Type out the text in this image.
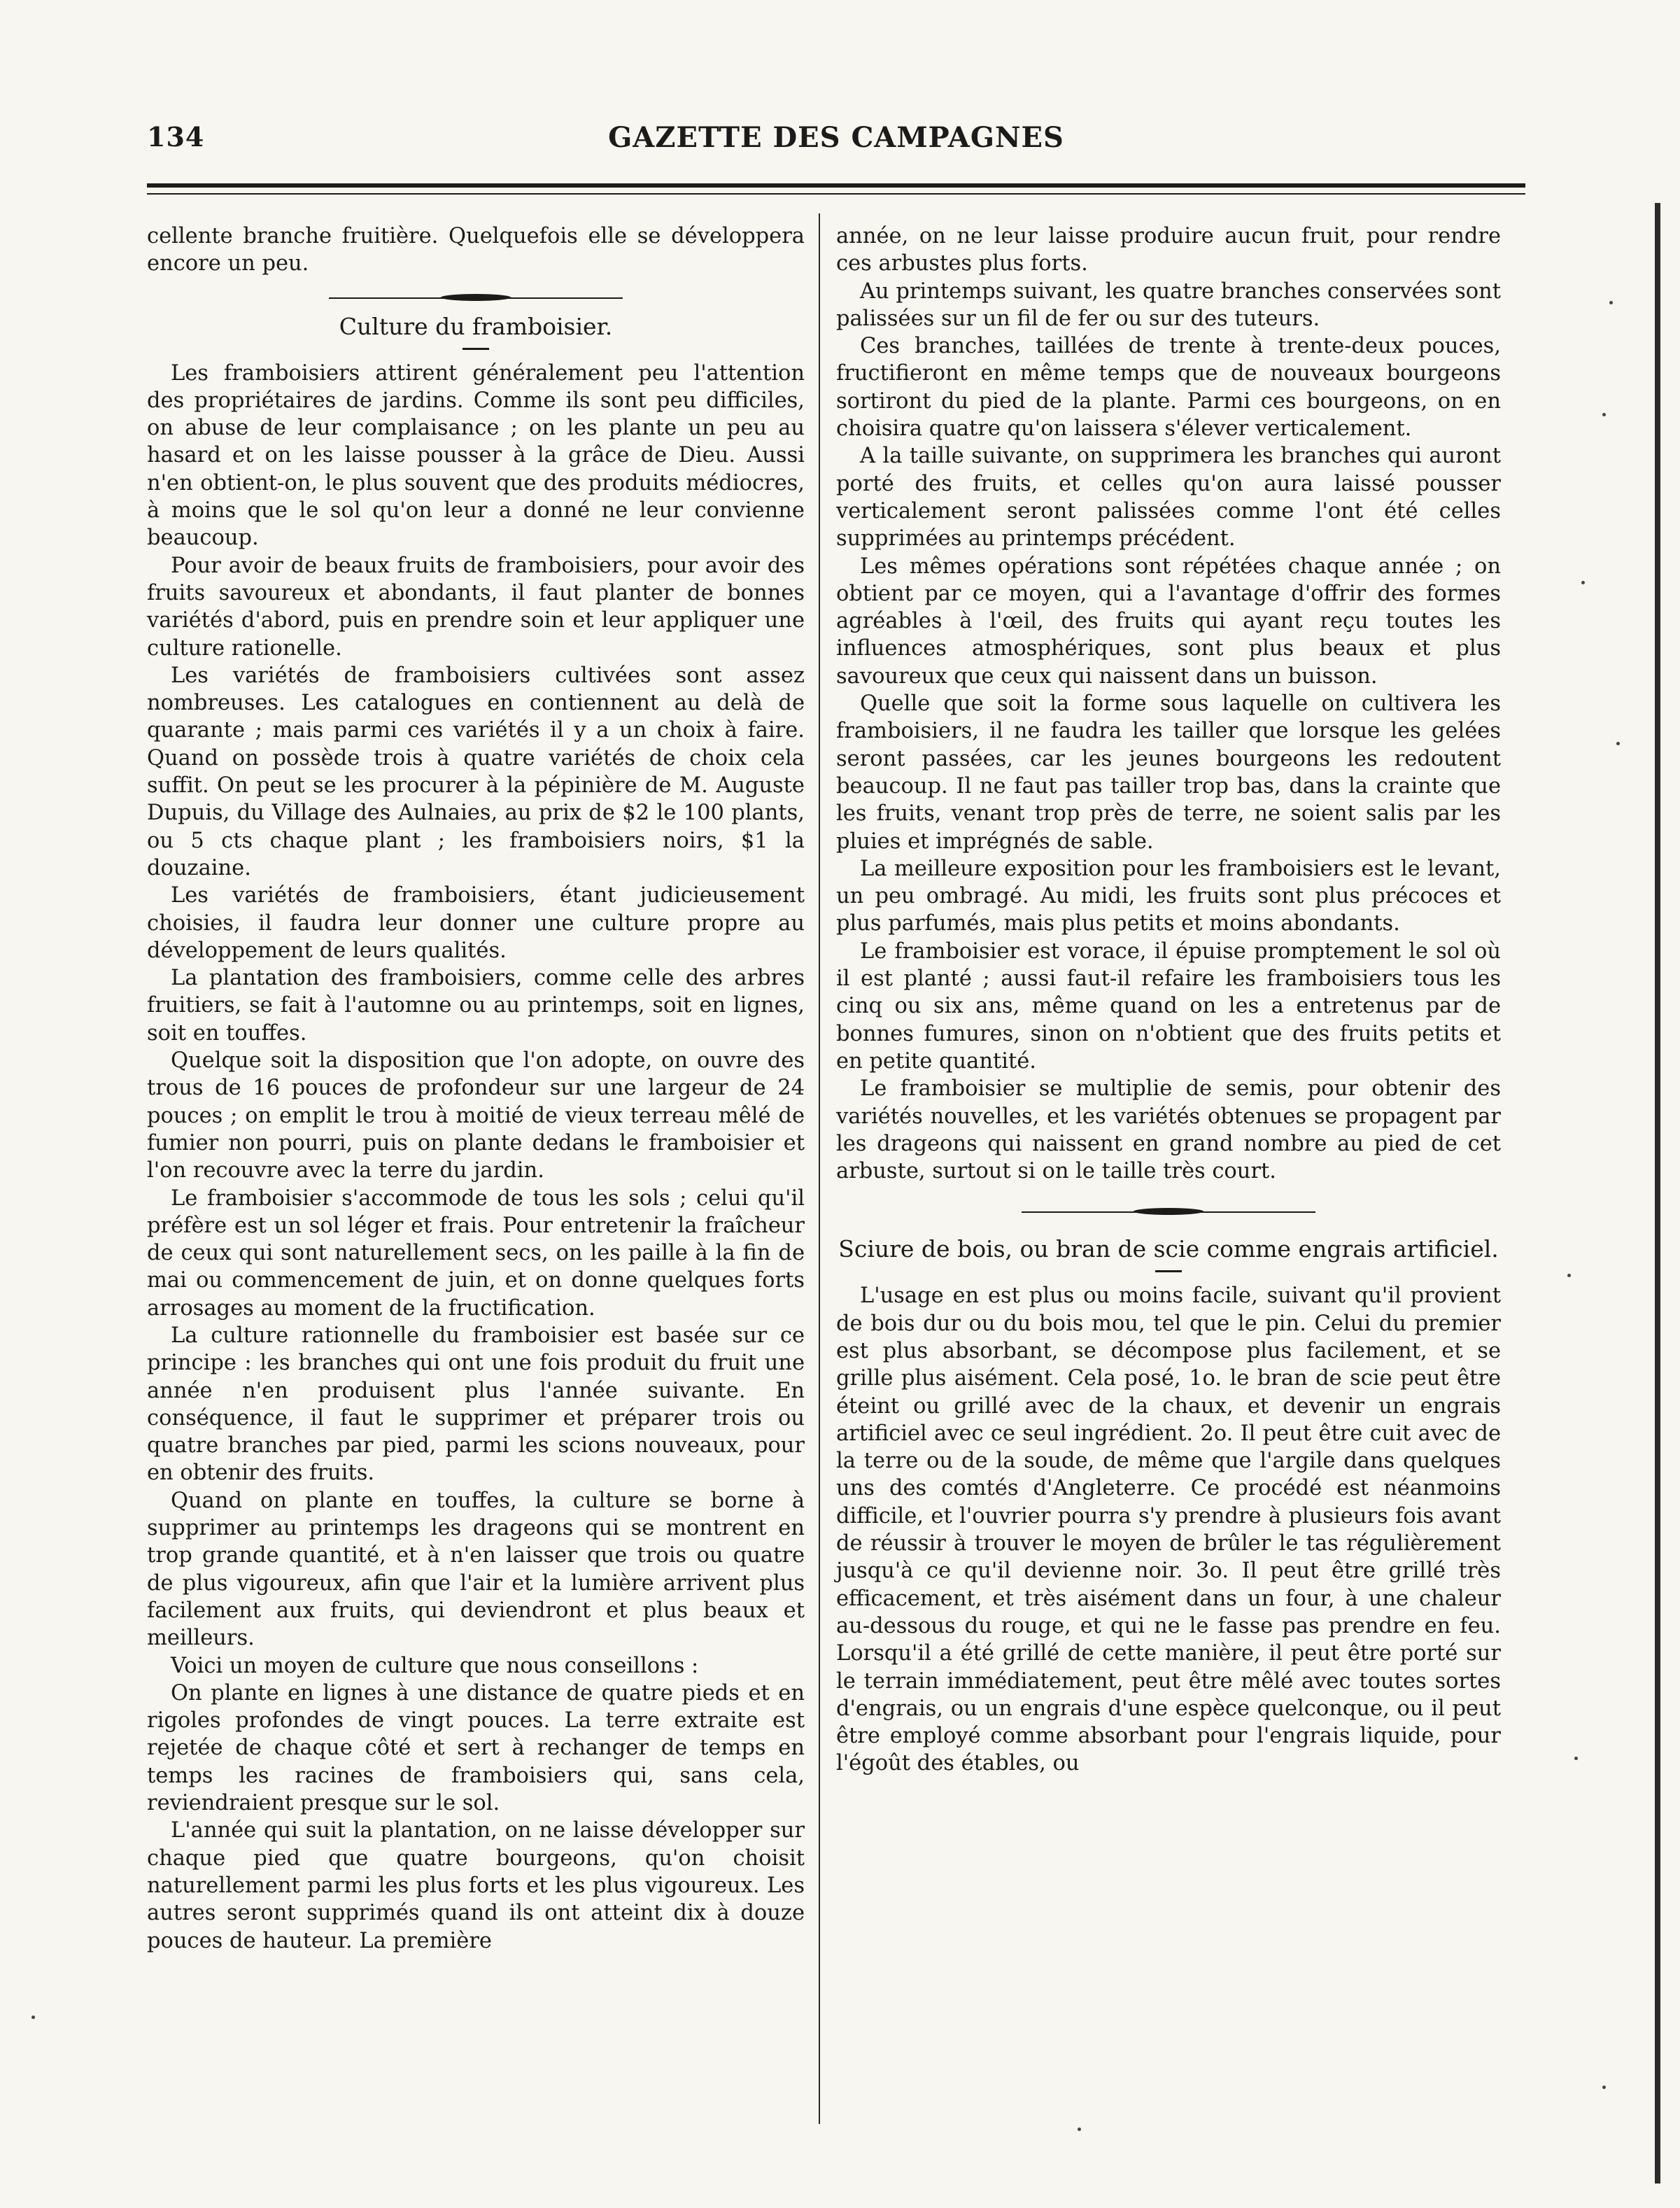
134	GAZETTE DES CAMPAGNES

cellente branche fruitière. Quelquefois elle se développera encore un peu.

Culture du framboisier.

Les framboisiers attirent généralement peu l'attention des propriétaires de jardins. Comme ils sont peu difficiles, on abuse de leur complaisance ; on les plante un peu au hasard et on les laisse pousser à la grâce de Dieu. Aussi n'en obtient-on, le plus souvent que des produits médiocres, à moins que le sol qu'on leur a donné ne leur convienne beaucoup.

Pour avoir de beaux fruits de framboisiers, pour avoir des fruits savoureux et abondants, il faut planter de bonnes variétés d'abord, puis en prendre soin et leur appliquer une culture rationelle.

Les variétés de framboisiers cultivées sont assez nombreuses. Les catalogues en contiennent au delà de quarante ; mais parmi ces variétés il y a un choix à faire. Quand on possède trois à quatre variétés de choix cela suffit. On peut se les procurer à la pépinière de M. Auguste Dupuis, du Village des Aulnaies, au prix de $2 le 100 plants, ou 5 cts chaque plant ; les framboisiers noirs, $1 la douzaine.

Les variétés de framboisiers, étant judicieusement choisies, il faudra leur donner une culture propre au développement de leurs qualités.

La plantation des framboisiers, comme celle des arbres fruitiers, se fait à l'automne ou au printemps, soit en lignes, soit en touffes.

Quelque soit la disposition que l'on adopte, on ouvre des trous de 16 pouces de profondeur sur une largeur de 24 pouces ; on emplit le trou à moitié de vieux terreau mêlé de fumier non pourri, puis on plante dedans le framboisier et l'on recouvre avec la terre du jardin.

Le framboisier s'accommode de tous les sols ; celui qu'il préfère est un sol léger et frais. Pour entretenir la fraîcheur de ceux qui sont naturellement secs, on les paille à la fin de mai ou commencement de juin, et on donne quelques forts arrosages au moment de la fructification.

La culture rationnelle du framboisier est basée sur ce principe : les branches qui ont une fois produit du fruit une année n'en produisent plus l'année suivante. En conséquence, il faut le supprimer et préparer trois ou quatre branches par pied, parmi les scions nouveaux, pour en obtenir des fruits.

Quand on plante en touffes, la culture se borne à supprimer au printemps les drageons qui se montrent en trop grande quantité, et à n'en laisser que trois ou quatre de plus vigoureux, afin que l'air et la lumière arrivent plus facilement aux fruits, qui deviendront et plus beaux et meilleurs.

Voici un moyen de culture que nous conseillons :

On plante en lignes à une distance de quatre pieds et en rigoles profondes de vingt pouces. La terre extraite est rejetée de chaque côté et sert à rechanger de temps en temps les racines de framboisiers qui, sans cela, reviendraient presque sur le sol.

L'année qui suit la plantation, on ne laisse développer sur chaque pied que quatre bourgeons, qu'on choisit naturellement parmi les plus forts et les plus vigoureux. Les autres seront supprimés quand ils ont atteint dix à douze pouces de hauteur. La première

année, on ne leur laisse produire aucun fruit, pour rendre ces arbustes plus forts.

Au printemps suivant, les quatre branches conservées sont palissées sur un fil de fer ou sur des tuteurs.

Ces branches, taillées de trente à trente-deux pouces, fructifieront en même temps que de nouveaux bourgeons sortiront du pied de la plante. Parmi ces bourgeons, on en choisira quatre qu'on laissera s'élever verticalement.

A la taille suivante, on supprimera les branches qui auront porté des fruits, et celles qu'on aura laissé pousser verticalement seront palissées comme l'ont été celles supprimées au printemps précédent.

Les mêmes opérations sont répétées chaque année ; on obtient par ce moyen, qui a l'avantage d'offrir des formes agréables à l'œil, des fruits qui ayant reçu toutes les influences atmosphériques, sont plus beaux et plus savoureux que ceux qui naissent dans un buisson.

Quelle que soit la forme sous laquelle on cultivera les framboisiers, il ne faudra les tailler que lorsque les gelées seront passées, car les jeunes bourgeons les redoutent beaucoup. Il ne faut pas tailler trop bas, dans la crainte que les fruits, venant trop près de terre, ne soient salis par les pluies et imprégnés de sable.

La meilleure exposition pour les framboisiers est le levant, un peu ombragé. Au midi, les fruits sont plus précoces et plus parfumés, mais plus petits et moins abondants.

Le framboisier est vorace, il épuise promptement le sol où il est planté ; aussi faut-il refaire les framboisiers tous les cinq ou six ans, même quand on les a entretenus par de bonnes fumures, sinon on n'obtient que des fruits petits et en petite quantité.

Le framboisier se multiplie de semis, pour obtenir des variétés nouvelles, et les variétés obtenues se propagent par les drageons qui naissent en grand nombre au pied de cet arbuste, surtout si on le taille très court.

Sciure de bois, ou bran de scie comme engrais artificiel.

L'usage en est plus ou moins facile, suivant qu'il provient de bois dur ou du bois mou, tel que le pin. Celui du premier est plus absorbant, se décompose plus facilement, et se grille plus aisément. Cela posé, 1o. le bran de scie peut être éteint ou grillé avec de la chaux, et devenir un engrais artificiel avec ce seul ingrédient. 2o. Il peut être cuit avec de la terre ou de la soude, de même que l'argile dans quelques uns des comtés d'Angleterre. Ce procédé est néanmoins difficile, et l'ouvrier pourra s'y prendre à plusieurs fois avant de réussir à trouver le moyen de brûler le tas régulièrement jusqu'à ce qu'il devienne noir. 3o. Il peut être grillé très efficacement, et très aisément dans un four, à une chaleur au-dessous du rouge, et qui ne le fasse pas prendre en feu. Lorsqu'il a été grillé de cette manière, il peut être porté sur le terrain immédiatement, peut être mêlé avec toutes sortes d'engrais, ou un engrais d'une espèce quelconque, ou il peut être employé comme absorbant pour l'engrais liquide, pour l'égoût des étables, ou
